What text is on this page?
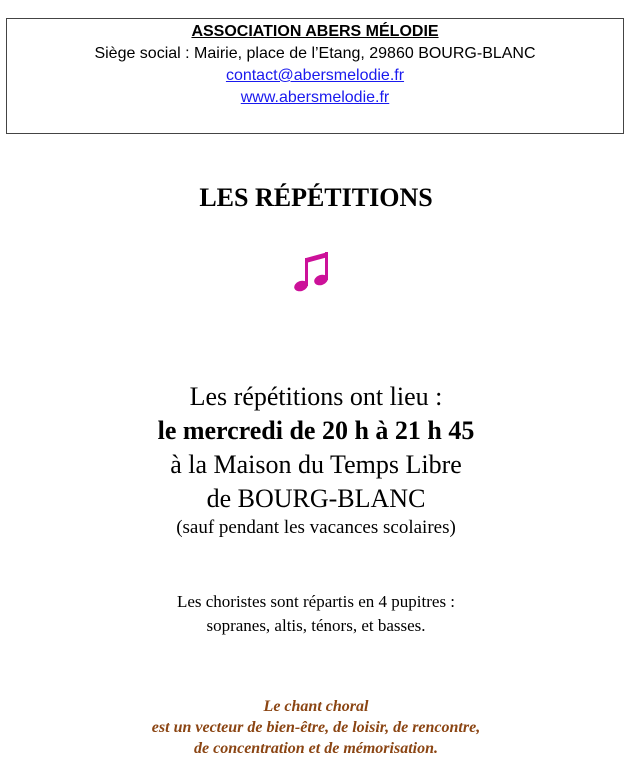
ASSOCIATION ABERS MÉLODIE
Siège social : Mairie, place de l’Etang, 29860 BOURG-BLANC
contact@abersmelodie.fr
www.abersmelodie.fr
LES RÉPÉTITIONS
Les répétitions ont lieu :
le mercredi de 20 h à 21 h 45
à la Maison du Temps Libre
de BOURG-BLANC
(sauf pendant les vacances scolaires)
Les choristes sont répartis en 4 pupitres :
sopranes, altis, ténors, et basses.
Le chant choral
est un vecteur de bien-être, de loisir, de rencontre,
de concentration et de mémorisation.
